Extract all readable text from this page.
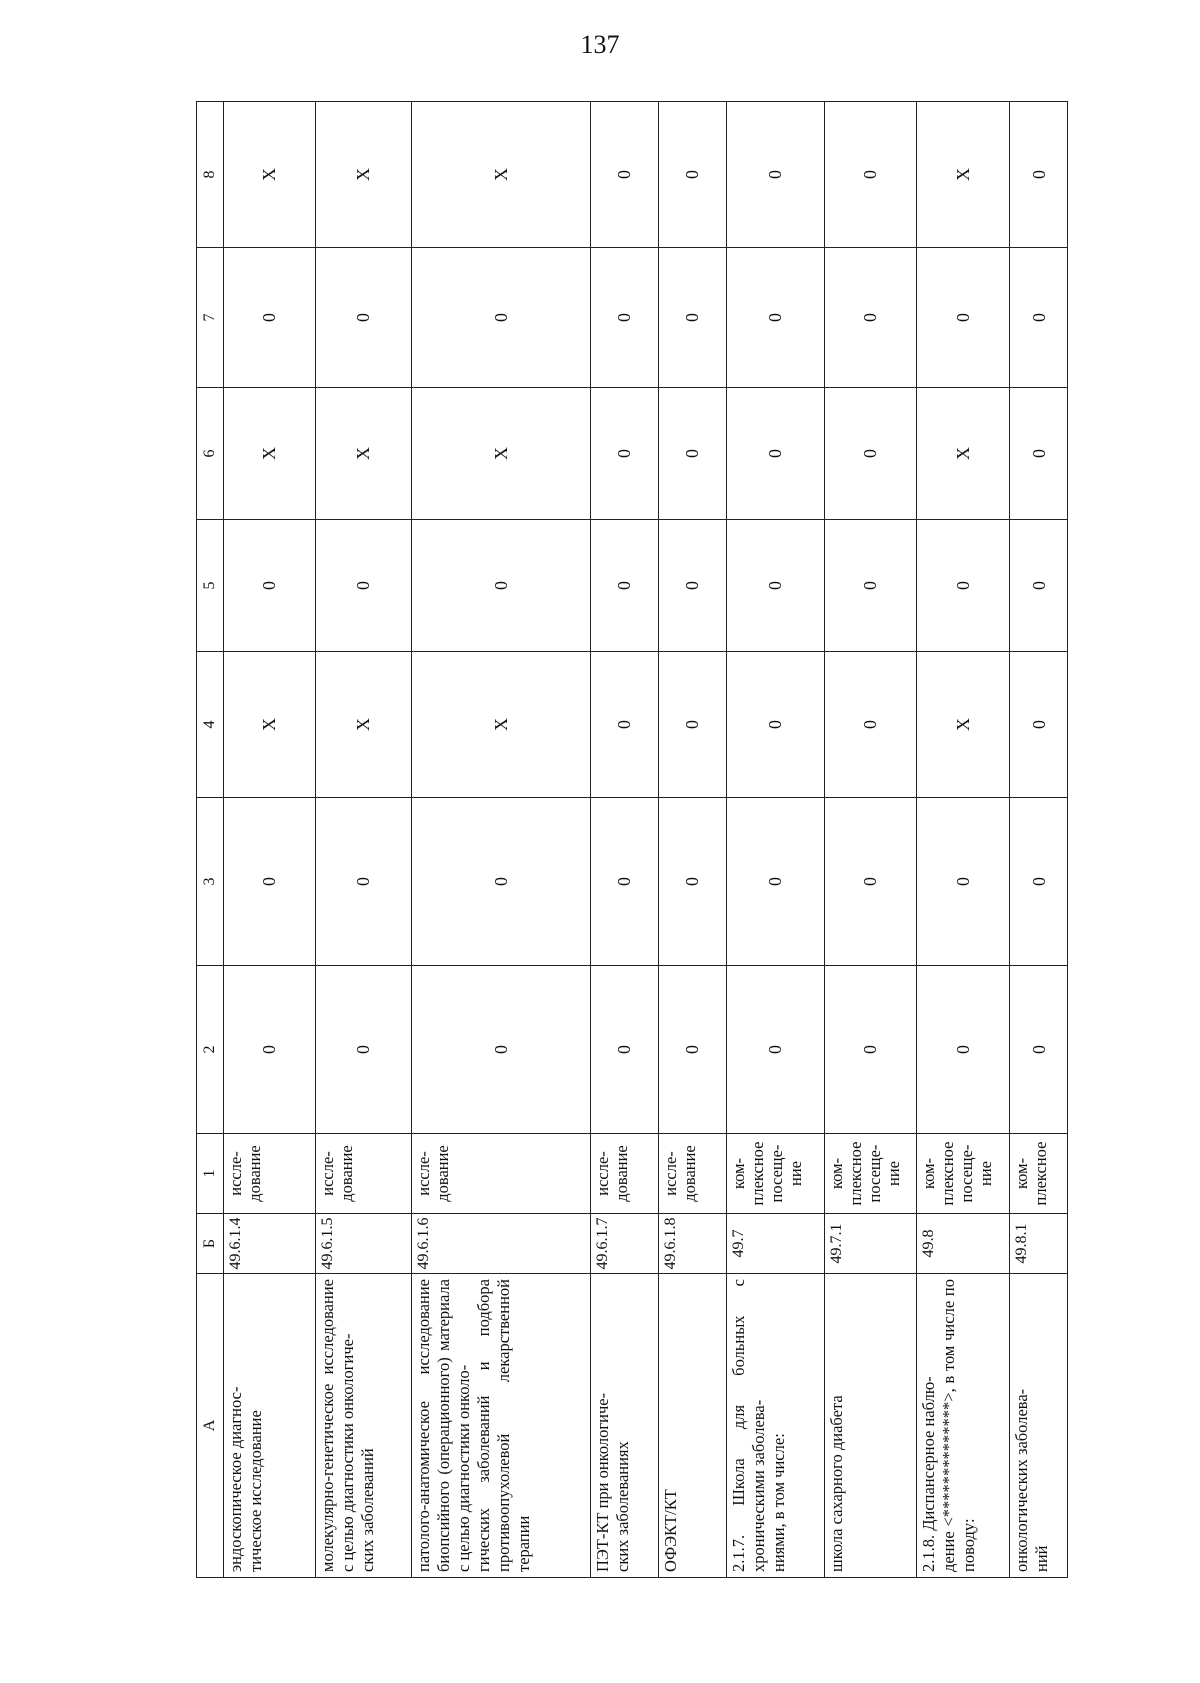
137
А	Б	1	2	3	4	5	6	7	8
эндоскопическое диагнос-
тическое исследование	49.6.1.4	иссле-
дование	0	0	X	0	X	0	X
молекулярно-генетическое исследование с целью диагностики онкологиче-
ских заболеваний	49.6.1.5	иссле-
дование	0	0	X	0	X	0	X
патолого-анатомическое исследование биопсийного (операционного) материала с целью диагностики онколо-
гических заболеваний и подбора противоопухолевой лекарственной терапии	49.6.1.6	иссле-
дование	0	0	X	0	X	0	X
ПЭТ-КТ при онкологиче-
ских заболеваниях	49.6.1.7	иссле-
дование	0	0	0	0	0	0	0
ОФЭКТ/КТ	49.6.1.8	иссле-
дование	0	0	0	0	0	0	0
2.1.7. Школа для больных с хроническими заболева-
ниями, в том числе:	49.7	ком-
плексное
посеще-
ние	0	0	0	0	0	0	0
школа сахарного диабета	49.7.1	ком-
плексное
посеще-
ние	0	0	0	0	0	0	0
2.1.8. Диспансерное наблю-
дение <**************>, в том числе по поводу:	49.8	ком-
плексное
посеще-
ние	0	0	X	0	X	0	X
онкологических заболева-
ний	49.8.1	ком-
плексное	0	0	0	0	0	0	0
